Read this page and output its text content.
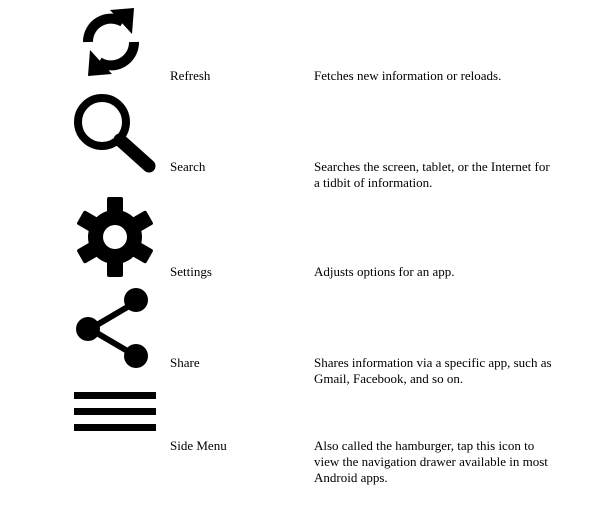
Refresh	Fetches new information or reloads.
Search	Searches the screen, tablet, or the Internet for a tidbit of information.
Settings	Adjusts options for an app.
Share	Shares information via a specific app, such as Gmail, Facebook, and so on.
Side Menu	Also called the hamburger, tap this icon to view the navigation drawer available in most Android apps.
